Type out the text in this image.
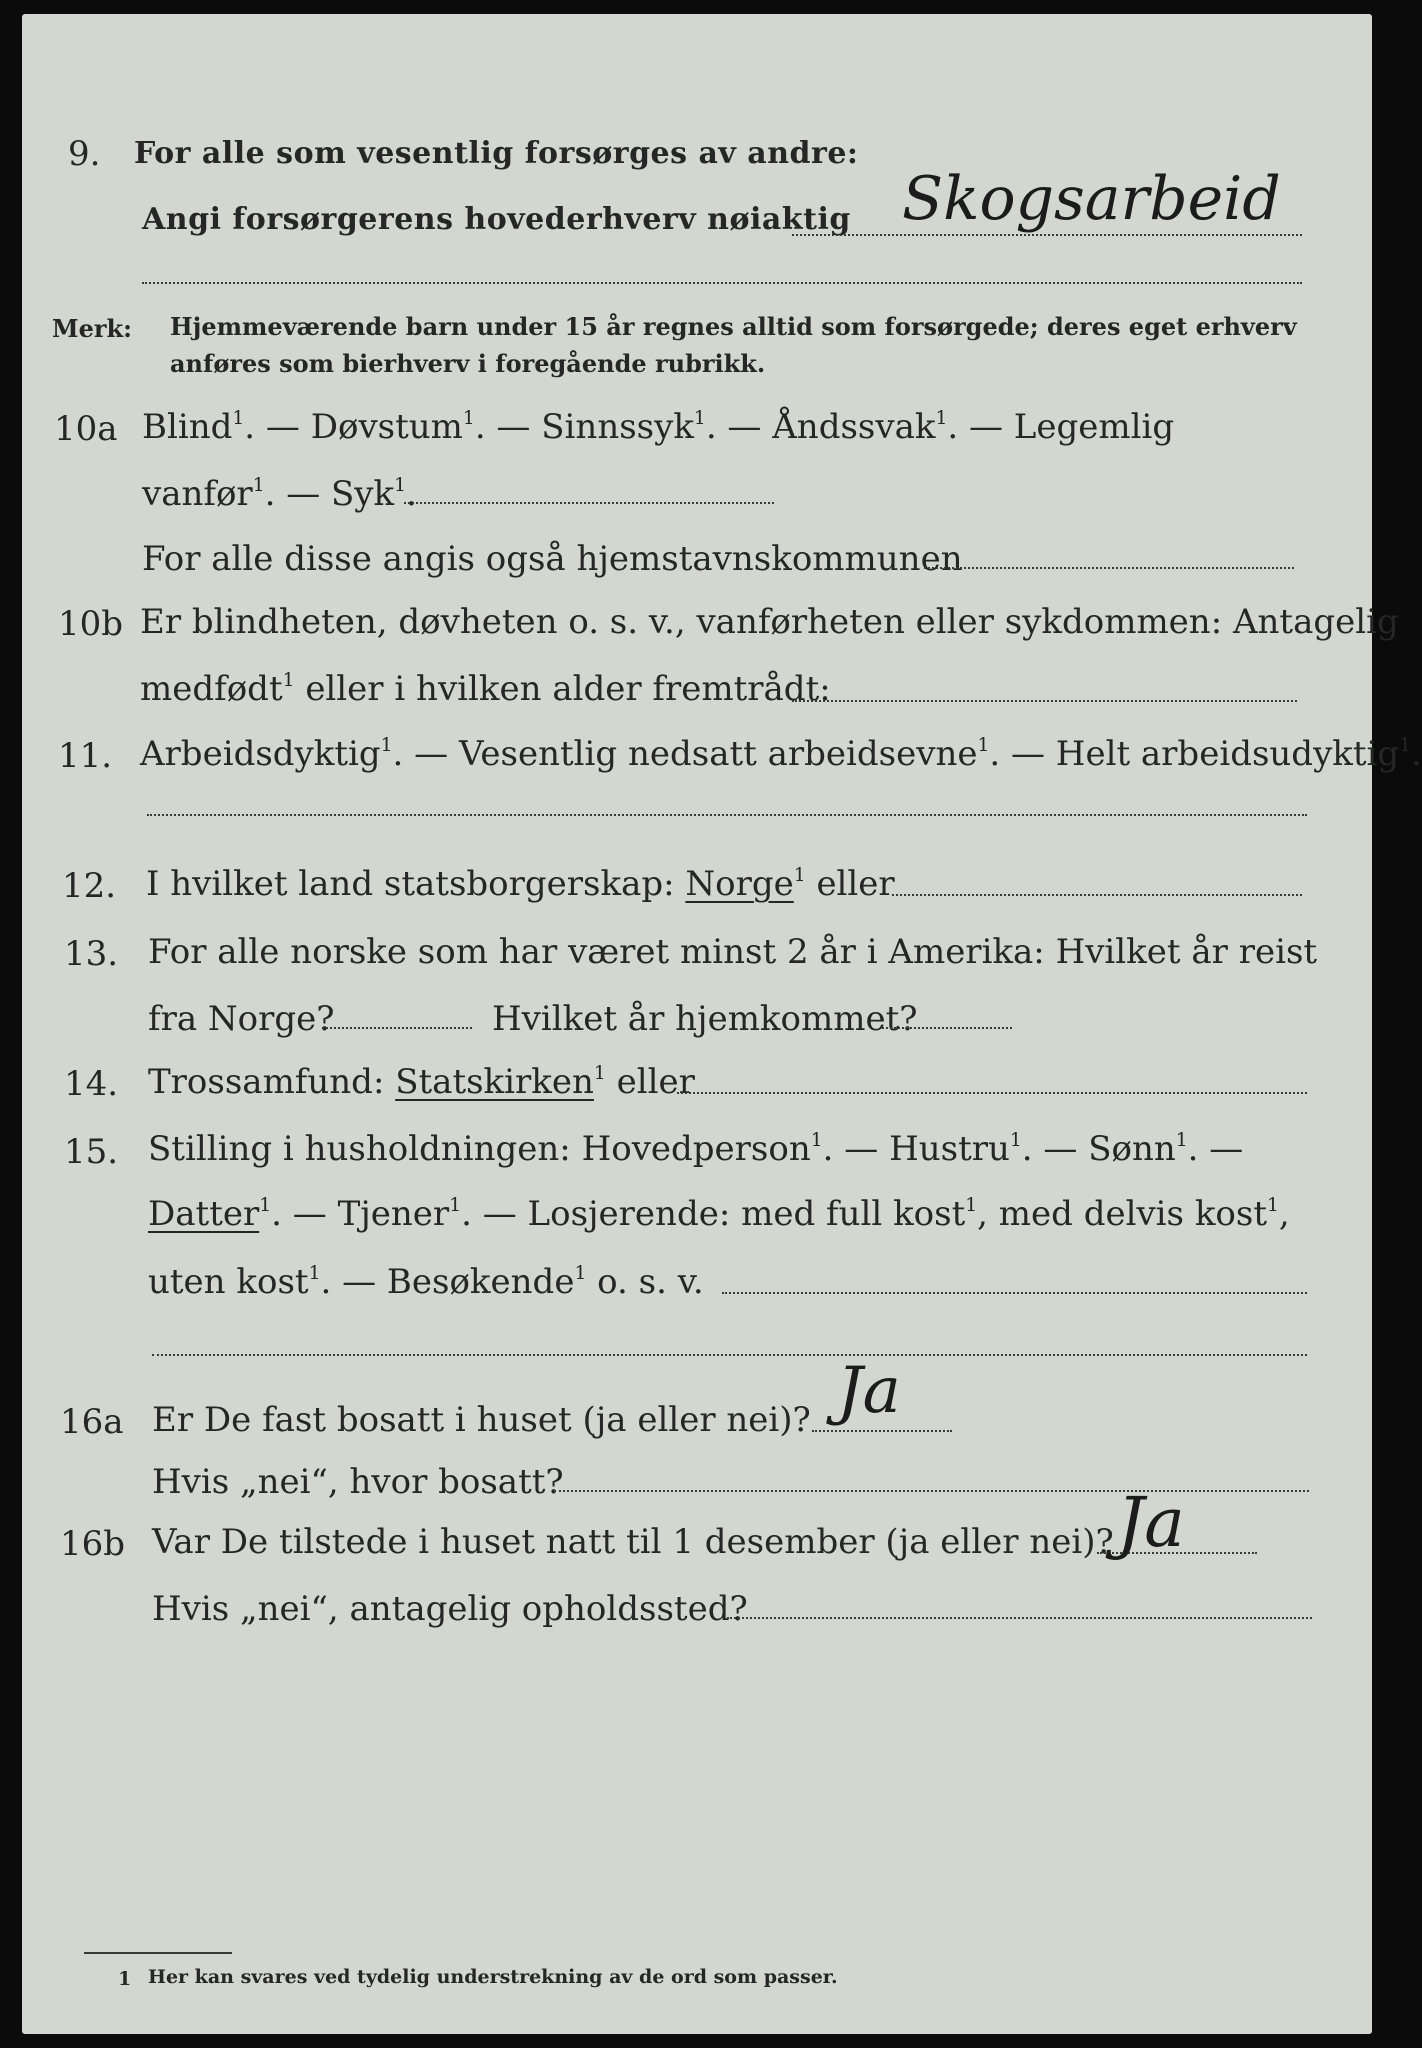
9. For alle som vesentlig forsørges av andre:
Angi forsørgerens hovederhverv nøiaktig Skogsarbeid
Merk: Hjemmeværende barn under 15 år regnes alltid som forsørgede; deres eget erhverv
anføres som bierhverv i foregående rubrikk.
10a Blind$^1$. — Døvstum$^1$. — Sinnssyk$^1$. — Åndssvak$^1$. — Legemlig
vanfør$^1$. — Syk$^1$.
For alle disse angis også hjemstavnskommunen
10b Er blindheten, døvheten o. s. v., vanførheten eller sykdommen: Antagelig
medfødt$^1$ eller i hvilken alder fremtrådt:
11. Arbeidsdyktig$^1$. — Vesentlig nedsatt arbeidsevne$^1$. — Helt arbeidsudyktig$^1$.
12. I hvilket land statsborgerskap: Norge$^1$ eller
13. For alle norske som har været minst 2 år i Amerika: Hvilket år reist
fra Norge?	Hvilket år hjemkommet?
14. Trossamfund: Statskirken$^1$ eller
15. Stilling i husholdningen: Hovedperson$^1$. — Hustru$^1$. — Sønn$^1$. —
Datter$^1$. — Tjener$^1$. — Losjerende: med full kost$^1$, med delvis kost$^1$,
uten kost$^1$. — Besøkende$^1$ o. s. v.
16a Er De fast bosatt i huset (ja eller nei)? Ja
Hvis „nei“, hvor bosatt?
16b Var De tilstede i huset natt til 1 desember (ja eller nei)? Ja
Hvis „nei“, antagelig opholdssted?
1 Her kan svares ved tydelig understrekning av de ord som passer.
